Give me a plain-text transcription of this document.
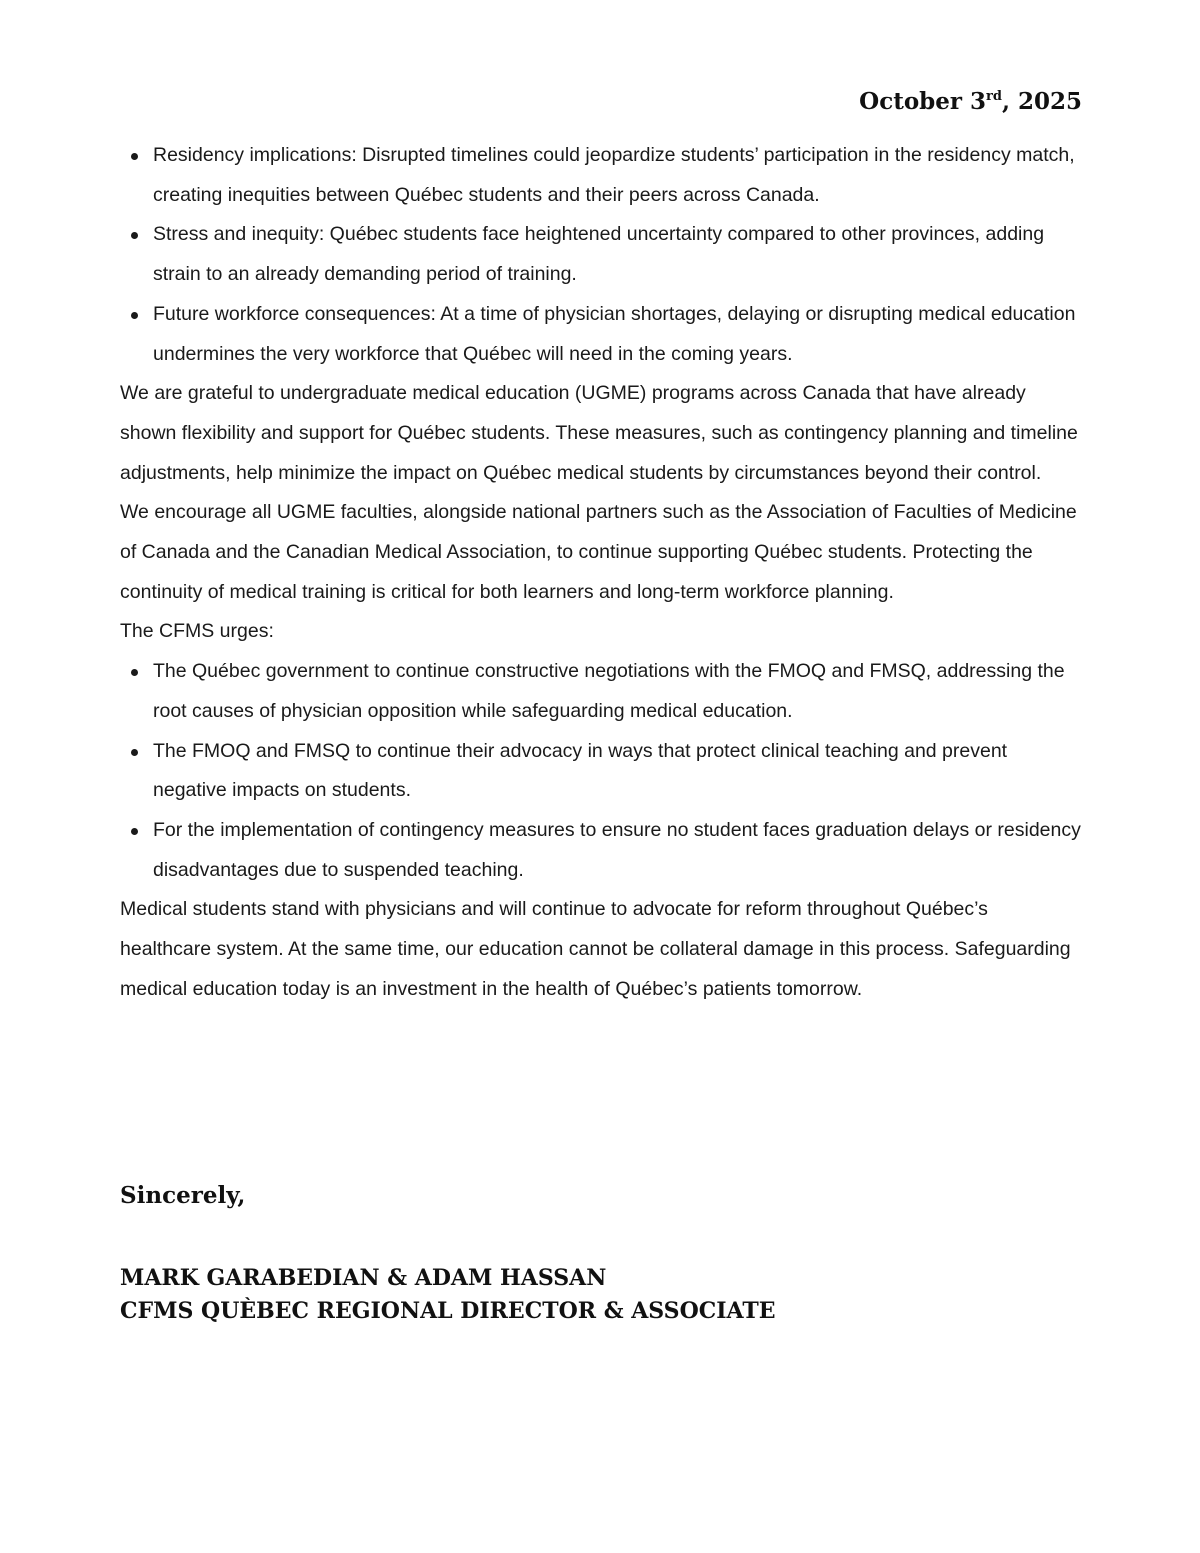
October 3rd, 2025
Residency implications: Disrupted timelines could jeopardize students’ participation in the residency match, creating inequities between Québec students and their peers across Canada.
Stress and inequity: Québec students face heightened uncertainty compared to other provinces, adding strain to an already demanding period of training.
Future workforce consequences: At a time of physician shortages, delaying or disrupting medical education undermines the very workforce that Québec will need in the coming years.

We are grateful to undergraduate medical education (UGME) programs across Canada that have already shown flexibility and support for Québec students. These measures, such as contingency planning and timeline adjustments, help minimize the impact on Québec medical students by circumstances beyond their control.

We encourage all UGME faculties, alongside national partners such as the Association of Faculties of Medicine of Canada and the Canadian Medical Association, to continue supporting Québec students. Protecting the continuity of medical training is critical for both learners and long-term workforce planning.

The CFMS urges:

The Québec government to continue constructive negotiations with the FMOQ and FMSQ, addressing the root causes of physician opposition while safeguarding medical education.
The FMOQ and FMSQ to continue their advocacy in ways that protect clinical teaching and prevent negative impacts on students.
For the implementation of contingency measures to ensure no student faces graduation delays or residency disadvantages due to suspended teaching.

Medical students stand with physicians and will continue to advocate for reform throughout Québec’s healthcare system. At the same time, our education cannot be collateral damage in this process. Safeguarding medical education today is an investment in the health of Québec’s patients tomorrow.

Sincerely,
MARK GARABEDIAN & ADAM HASSAN
CFMS QUÈBEC REGIONAL DIRECTOR & ASSOCIATE
